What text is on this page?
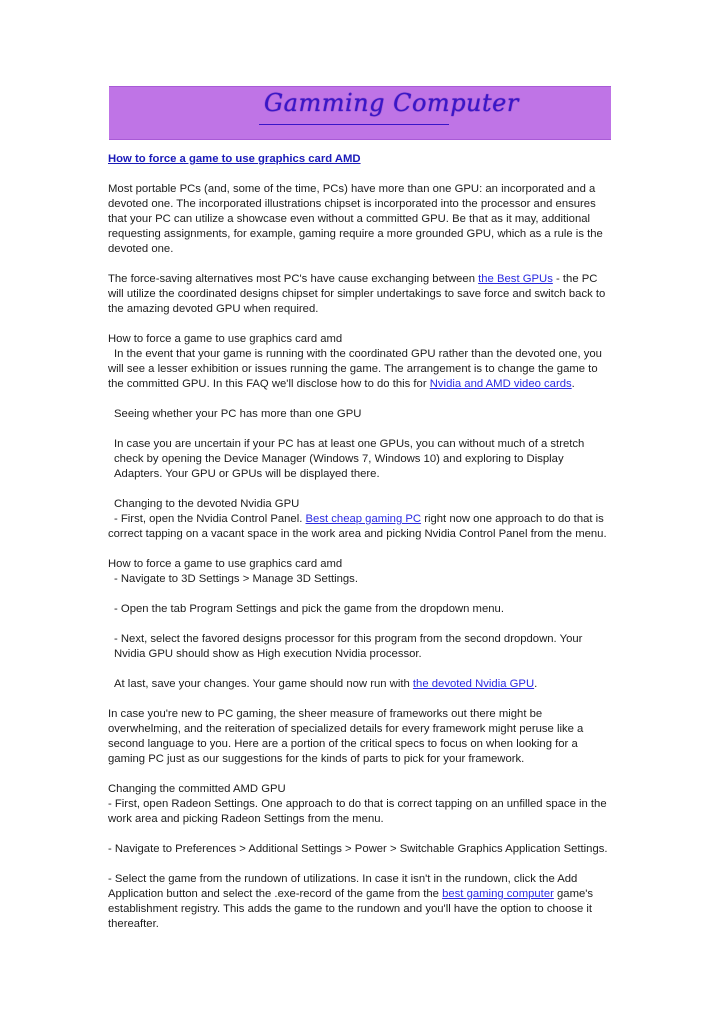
Gamming Computer

How to force a game to use graphics card AMD

Most portable PCs (and, some of the time, PCs) have more than one GPU: an incorporated and a devoted one. The incorporated illustrations chipset is incorporated into the processor and ensures that your PC can utilize a showcase even without a committed GPU. Be that as it may, additional requesting assignments, for example, gaming require a more grounded GPU, which as a rule is the devoted one.

The force-saving alternatives most PC's have cause exchanging between the Best GPUs - the PC will utilize the coordinated designs chipset for simpler undertakings to save force and switch back to the amazing devoted GPU when required.

How to force a game to use graphics card amd
In the event that your game is running with the coordinated GPU rather than the devoted one, you will see a lesser exhibition or issues running the game. The arrangement is to change the game to the committed GPU. In this FAQ we'll disclose how to do this for Nvidia and AMD video cards.

Seeing whether your PC has more than one GPU

In case you are uncertain if your PC has at least one GPUs, you can without much of a stretch check by opening the Device Manager (Windows 7, Windows 10) and exploring to Display Adapters. Your GPU or GPUs will be displayed there.

Changing to the devoted Nvidia GPU
- First, open the Nvidia Control Panel. Best cheap gaming PC right now one approach to do that is correct tapping on a vacant space in the work area and picking Nvidia Control Panel from the menu.

How to force a game to use graphics card amd
- Navigate to 3D Settings > Manage 3D Settings.

- Open the tab Program Settings and pick the game from the dropdown menu.

- Next, select the favored designs processor for this program from the second dropdown. Your Nvidia GPU should show as High execution Nvidia processor.

At last, save your changes. Your game should now run with the devoted Nvidia GPU.

In case you're new to PC gaming, the sheer measure of frameworks out there might be overwhelming, and the reiteration of specialized details for every framework might peruse like a second language to you. Here are a portion of the critical specs to focus on when looking for a gaming PC just as our suggestions for the kinds of parts to pick for your framework.

Changing the committed AMD GPU
- First, open Radeon Settings. One approach to do that is correct tapping on an unfilled space in the work area and picking Radeon Settings from the menu.

- Navigate to Preferences > Additional Settings > Power > Switchable Graphics Application Settings.

- Select the game from the rundown of utilizations. In case it isn't in the rundown, click the Add Application button and select the .exe-record of the game from the best gaming computer game's establishment registry. This adds the game to the rundown and you'll have the option to choose it thereafter.
